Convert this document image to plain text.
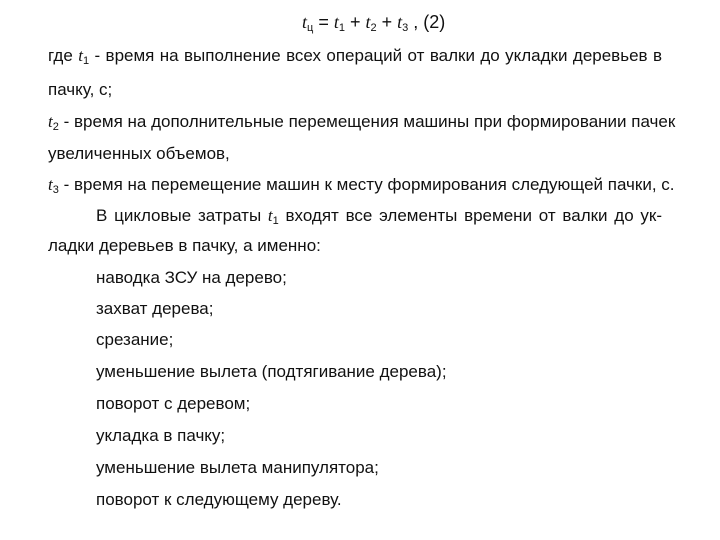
$t_ц = t_1 + t_2 + t_3$ , (2)
где $t_1$ - время на выполнение всех операций от валки до укладки деревьев в
пачку, с;
$t_2$ - время на дополнительные перемещения машины при формировании пачек
увеличенных объемов,
$t_3$ - время на перемещение машин к месту формирования следующей пачки, с.
В цикловые затраты $t_1$ входят все элементы времени от валки до ук-
ладки деревьев в пачку, а именно:
наводка ЗСУ на дерево;
захват дерева;
срезание;
уменьшение вылета (подтягивание дерева);
поворот с деревом;
укладка в пачку;
уменьшение вылета манипулятора;
поворот к следующему дереву.
